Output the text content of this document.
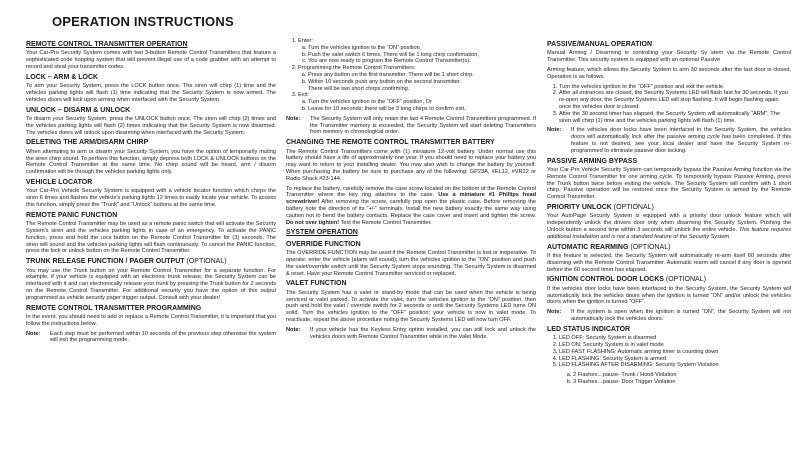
OPERATION INSTRUCTIONS
REMOTE CONTROL TRANSMITTER OPERATION

Your Car-Pro Security System comes with two 3-button Remote Control Transmitters that feature a sophisticated code hopping system that will prevent illegal use of a code grabber with an attempt to record and steal your transmitter codes.

LOCK – ARM & LOCK

To arm your Security System, press the LOCK button once. The siren will chirp (1) time and the vehicles parking lights will flash (1) time indicating that the Security System is now armed. The vehicles doors will lock upon arming when interfaced with the Security System.

UNLOCK – DISARM & UNLOCK

To disarm your Security System, press the UNLOCK button once. The siren will chirp (2) times and the vehicles parking lights will flash (2) times indicating that the Security System is now disarmed. The vehicles doors will unlock upon disarming when interfaced with the Security System.

DELETING THE ARM/DISARM CHIRP

When attempting to arm or disarm your Security System, you have the option of temporarily muting the siren chirp sound. To perform this function, simply depress both LOCK & UNLOCK buttons on the Remote Control Transmitter at the same time. No chirp sound will be heard, arm / disarm confirmation will be through the vehicles parking lights only.

VEHICLE LOCATOR

Your Car-Pro Vehicle Security System is equipped with a vehicle locator function which chirps the siren 6 times and flashes the vehicle's parking lights 12 times to easily locate your vehicle. To access this function, simply press the “Trunk” and “Unlock” buttons at the same time.

REMOTE PANIC FUNCTION

The Remote Control Transmitter may be used as a remote panic switch that will activate the Security System's siren and the vehicles parking lights in case of an emergency. To activate the PANIC function, press and hold the ʟᴏᴄᴋ button on the Remote Control Transmitter for (3) seconds. The siren will sound and the vehicles parking lights will flash continuously. To cancel the PANIC function, press the lock or unlock button on the Remote Control Transmitter.

TRUNK RELEASE FUNCTION / PAGER OUTPUT (OPTIONAL)

You may use the Trunk button on your Remote Control Transmitter for a separate function. For example, if your vehicle is equipped with an electronic trunk release, the Security System can be interfaced with it and can electronically release your trunk by pressing the Trunk button for 2 seconds on the Remote Control Transmitter. For additional security you have the option of this output programmed as vehicle security pager trigger output. Consult with your dealer!

REMOTE CONTROL TRANSMITTER PROGRAMMING

In the event, you should need to add or replace a Remote Control Transmitter, it is important that you follow the instructions below.

Note:	Each step must be performed within 10 seconds of the previous step otherwise the system will exit the programming mode.
1. Enter:
a. Turn the vehicles ignition to the “ON” position
b. Push the valet switch 6 times. There will be 1 long chirp confirmation,
c. You are now ready to program the Remote Control Transmitter(s).
2. Programming the Remote Control Transmitters:
a. Press any button on the first transmitter. There will be 1 short chirp.
b. Within 10 seconds push any button on the second transmitter.
There will be two short chirps confirming.
3. Exit:
a. Turn the vehicles ignition to the “OFF” position, Or
b. Leave for 10 seconds; there will be 3 long chirps to confirm exit.
Note:	The Security System will only retain the last 4 Remote Control Transmitters programmed. If the Transmitter memory is exceeded, the Security System will start deleting Transmitters from memory in chronological order.
CHANGING THE REMOTE CONTROL TRANSMITTER BATTERY

The Remote Control Transmitters come with (1) miniature 12-volt battery. Under normal use this battery should have a life of approximately one year. If you should need to replace your battery you may want to return to your installing dealer. You may also wish to change the battery by yourself. When purchasing the battery be sure to purchase any of the following: GP23A, #EL12, #VR22 or Radio Shack #23-144.

To replace the battery, carefully remove the case screw located on the bottom of the Remote Control Transmitter where the key ring attaches to the case. Use a miniature #1 Phillips head screwdriver! After removing the screw, carefully pop open the plastic case. Before removing the battery note the direction of its “+/-” terminals. Install the new battery exactly the same way using caution not to bend the battery contacts. Replace the case cover and insert and tighten the screw. Do not over tighten! Test the Remote Control Transmitter.

SYSTEM OPERATION
OVERRIDE FUNCTION

The OVERRIDE FUNCTION may be used if the Remote Control Transmitter is lost or inoperative. To operate, enter the vehicle (alarm will sound); turn the vehicles ignition to the “ON” position and push the valet/override switch until the Security System stops sounding. The Security System is disarmed & reset. Have your Remote Control Transmitter serviced or replaced.

VALET FUNCTION

The Security System has a valet or stand-by mode that can be used when the vehicle is being serviced or valet parked. To activate the valet, turn the vehicles ignition to the “ON” position, then push and hold the valet / override switch for 2 seconds or until the Security Systems LED turns ON solid. Turn the vehicles ignition to the “OFF” position; your vehicle is now in valet mode. To reactivate, repeat the above procedure noting the Security Systems LED will now turn OFF.

Note:	If your vehicle has the Keyless Entry option installed, you can still lock and unlock the vehicles doors with Remote Control Transmitter while in the Valet Mode.
PASSIVE/MANUAL OPERATION

Manual Arming / Disarming is controlling your Security Sy stem via the Remote Control Transmitter. This security system is equipped with an optional Passive

Arming feature, which allows the Security System to arm 30 seconds after the last door is closed. Operation is as follows.

1. Turn the vehicles ignition to the “OFF” position and exit the vehicle.
2. After all entrances are closed, the Security Systems LED will flash fast for 30 seconds. If you re-open any door, the Security Systems LED will stop flashing. It will begin flashing again once the vehicles door is closed.
3. After the 30 second timer has elapsed, the Security System will automatically “ARM”. The siren will chirp (1) time and the vehicles parking lights will flash (1) time.
Note:	If the vehicles door locks have been interfaced to the Security System, the vehicles doors will automatically lock after the passive arming cycle has been completed. If this feature is not desired, see your local dealer and have the Security System re-programmed to eliminate passive door locking.
PASSIVE ARMING BYPASS

Your Car-Pro Vehicle Security System can temporarily bypass the Passive Arming function via the Remote Control Transmitter for one arming cycle. To temporarily bypass Passive Arming, press the Trunk button twice before exiting the vehicle. The Security System will confirm with 1 short chirp. Passive operation will be restored once the Security System is armed by the Remote Control Transmitter.

PRIORITY UNLOCK (OPTIONAL)

Your AutoPage Security System is equipped with a priority door unlock feature which will independently unlock the drivers door only when disarming the Security System. Pushing the Unlock button a second time within 3 seconds will unlock the entire vehicle. This feature requires additional installation and is not a standard feature of the Security System.

AUTOMATIC REARMING (OPTIONAL)

If this feature is selected, the Security System will automatically re-arm itself 60 seconds after disarming with the Remote Control Transmitter. Automatic rearm will cancel if any door is opened before the 60 second timer has elapsed.

IGNITION CONTROL DOOR LOCKS (OPTIONAL)

If the vehicles door locks have been interfaced to the Security System, the Security System will automatically lock the vehicles doors when the ignition is turned “ON” and/or unlock the vehicles doors when the ignition is turned “OFF”.

Note:	If the system is open when the ignition is turned “ON”, the Security System will not automatically lock the vehicles doors.
LED STATUS INDICATOR
1. LED OFF: Security System is disarmed
2. LED ON: Security System is in valet mode
3. LED FAST FLASHING: Automatic arming timer is counting down
4. LED FLASHING: Security System is armed
5. LED FLASHING AFTER DISARMING: Security System Violation
a. 2 Flashes…pause- Trunk / Hood Violation
b. 3 Flashes…pause- Door Trigger Violation
